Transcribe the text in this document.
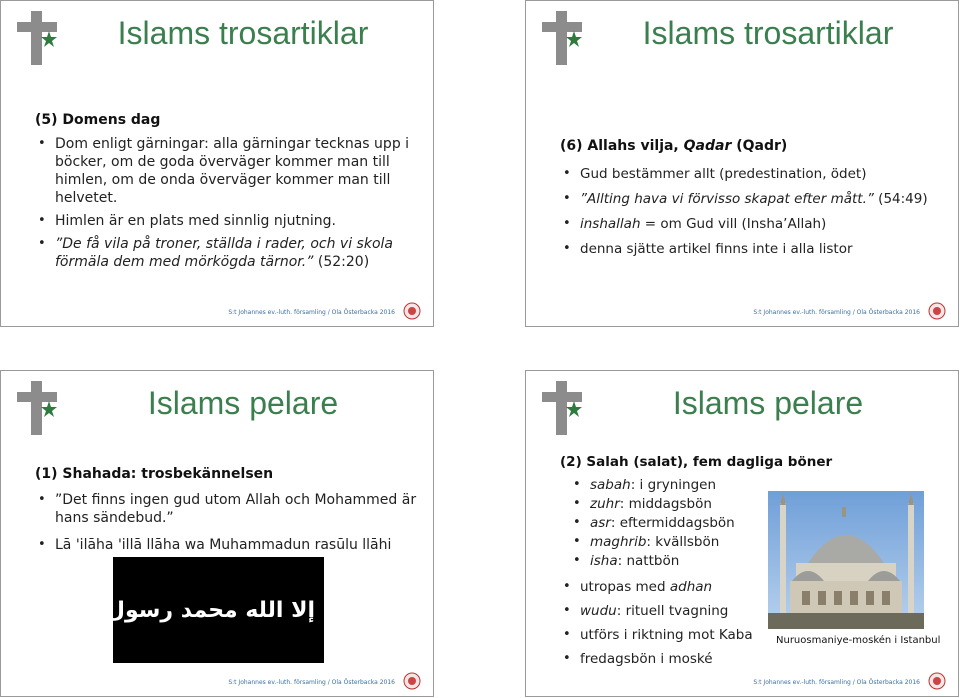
Islams trosartiklar
(5) Domens dag
• Dom enligt gärningar: alla gärningar tecknas upp i böcker, om de goda överväger kommer man till himlen, om de onda överväger kommer man till helvetet.
• Himlen är en plats med sinnlig njutning.
• ”De få vila på troner, ställda i rader, och vi skola förmäla dem med mörkögda tärnor.” (52:20)
S:t Johannes ev.-luth. församling / Ola Österbacka 2016
Islams trosartiklar
(6) Allahs vilja, Qadar (Qadr)
• Gud bestämmer allt (predestination, ödet)
• ”Allting hava vi förvisso skapat efter mått.” (54:49)
• inshallah = om Gud vill (Insha’Allah)
• denna sjätte artikel finns inte i alla listor
S:t Johannes ev.-luth. församling / Ola Österbacka 2016
Islams pelare
(1) Shahada: trosbekännelsen
• ”Det finns ingen gud utom Allah och Mohammed är hans sändebud.”
• Lā 'ilāha 'illā llāha wa Muhammadun rasūlu llāhi
لا إله إلا الله محمد رسول الله
S:t Johannes ev.-luth. församling / Ola Österbacka 2016
Islams pelare
(2) Salah (salat), fem dagliga böner
• sabah: i gryningen
• zuhr: middagsbön
• asr: eftermiddagsbön
• maghrib: kvällsbön
• isha: nattbön
• utropas med adhan
• wudu: rituell tvagning
• utförs i riktning mot Kaba
• fredagsbön i moské
Nuruosmaniye-moskén i Istanbul
S:t Johannes ev.-luth. församling / Ola Österbacka 2016
